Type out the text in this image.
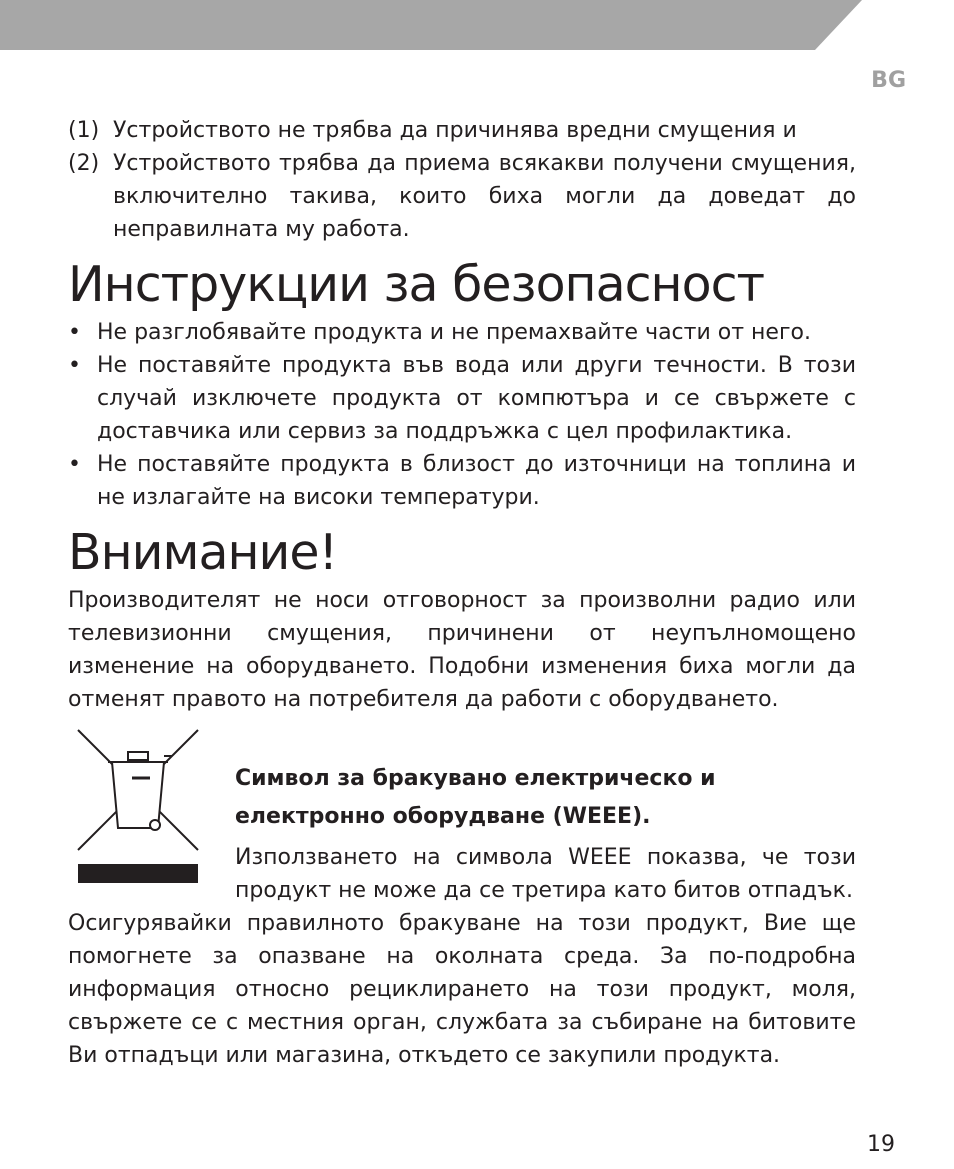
BG
(1) Устройството не трябва да причинява вредни смущения и
(2) Устройството трябва да приема всякакви получени смущения, включително такива, които биха могли да доведат до неправилната му работа.
Инструкции за безопасност
• Не разглобявайте продукта и не премахвайте части от него.
• Не поставяйте продукта във вода или други течности. В този случай изключете продукта от компютъра и се свържете с доставчика или сервиз за поддръжка с цел профилактика.
• Не поставяйте продукта в близост до източници на топлина и не излагайте на високи температури.
Внимание!

Производителят не носи отговорност за произволни радио или телевизионни смущения, причинени от неупълномощено изменение на оборудването. Подобни изменения биха могли да отменят правото на потребителя да работи с оборудването.

Символ за бракувано електрическо и електронно оборудване (WEEE).

Използването на символа WEEE показва, че този продукт не може да се третира като битов отпадък.

Осигурявайки правилното бракуване на този продукт, Вие ще помогнете за опазване на околната среда. За по-подробна информация относно рециклирането на този продукт, моля, свържете се с местния орган, службата за събиране на битовите Ви отпадъци или магазина, откъдето се закупили продукта.

19
